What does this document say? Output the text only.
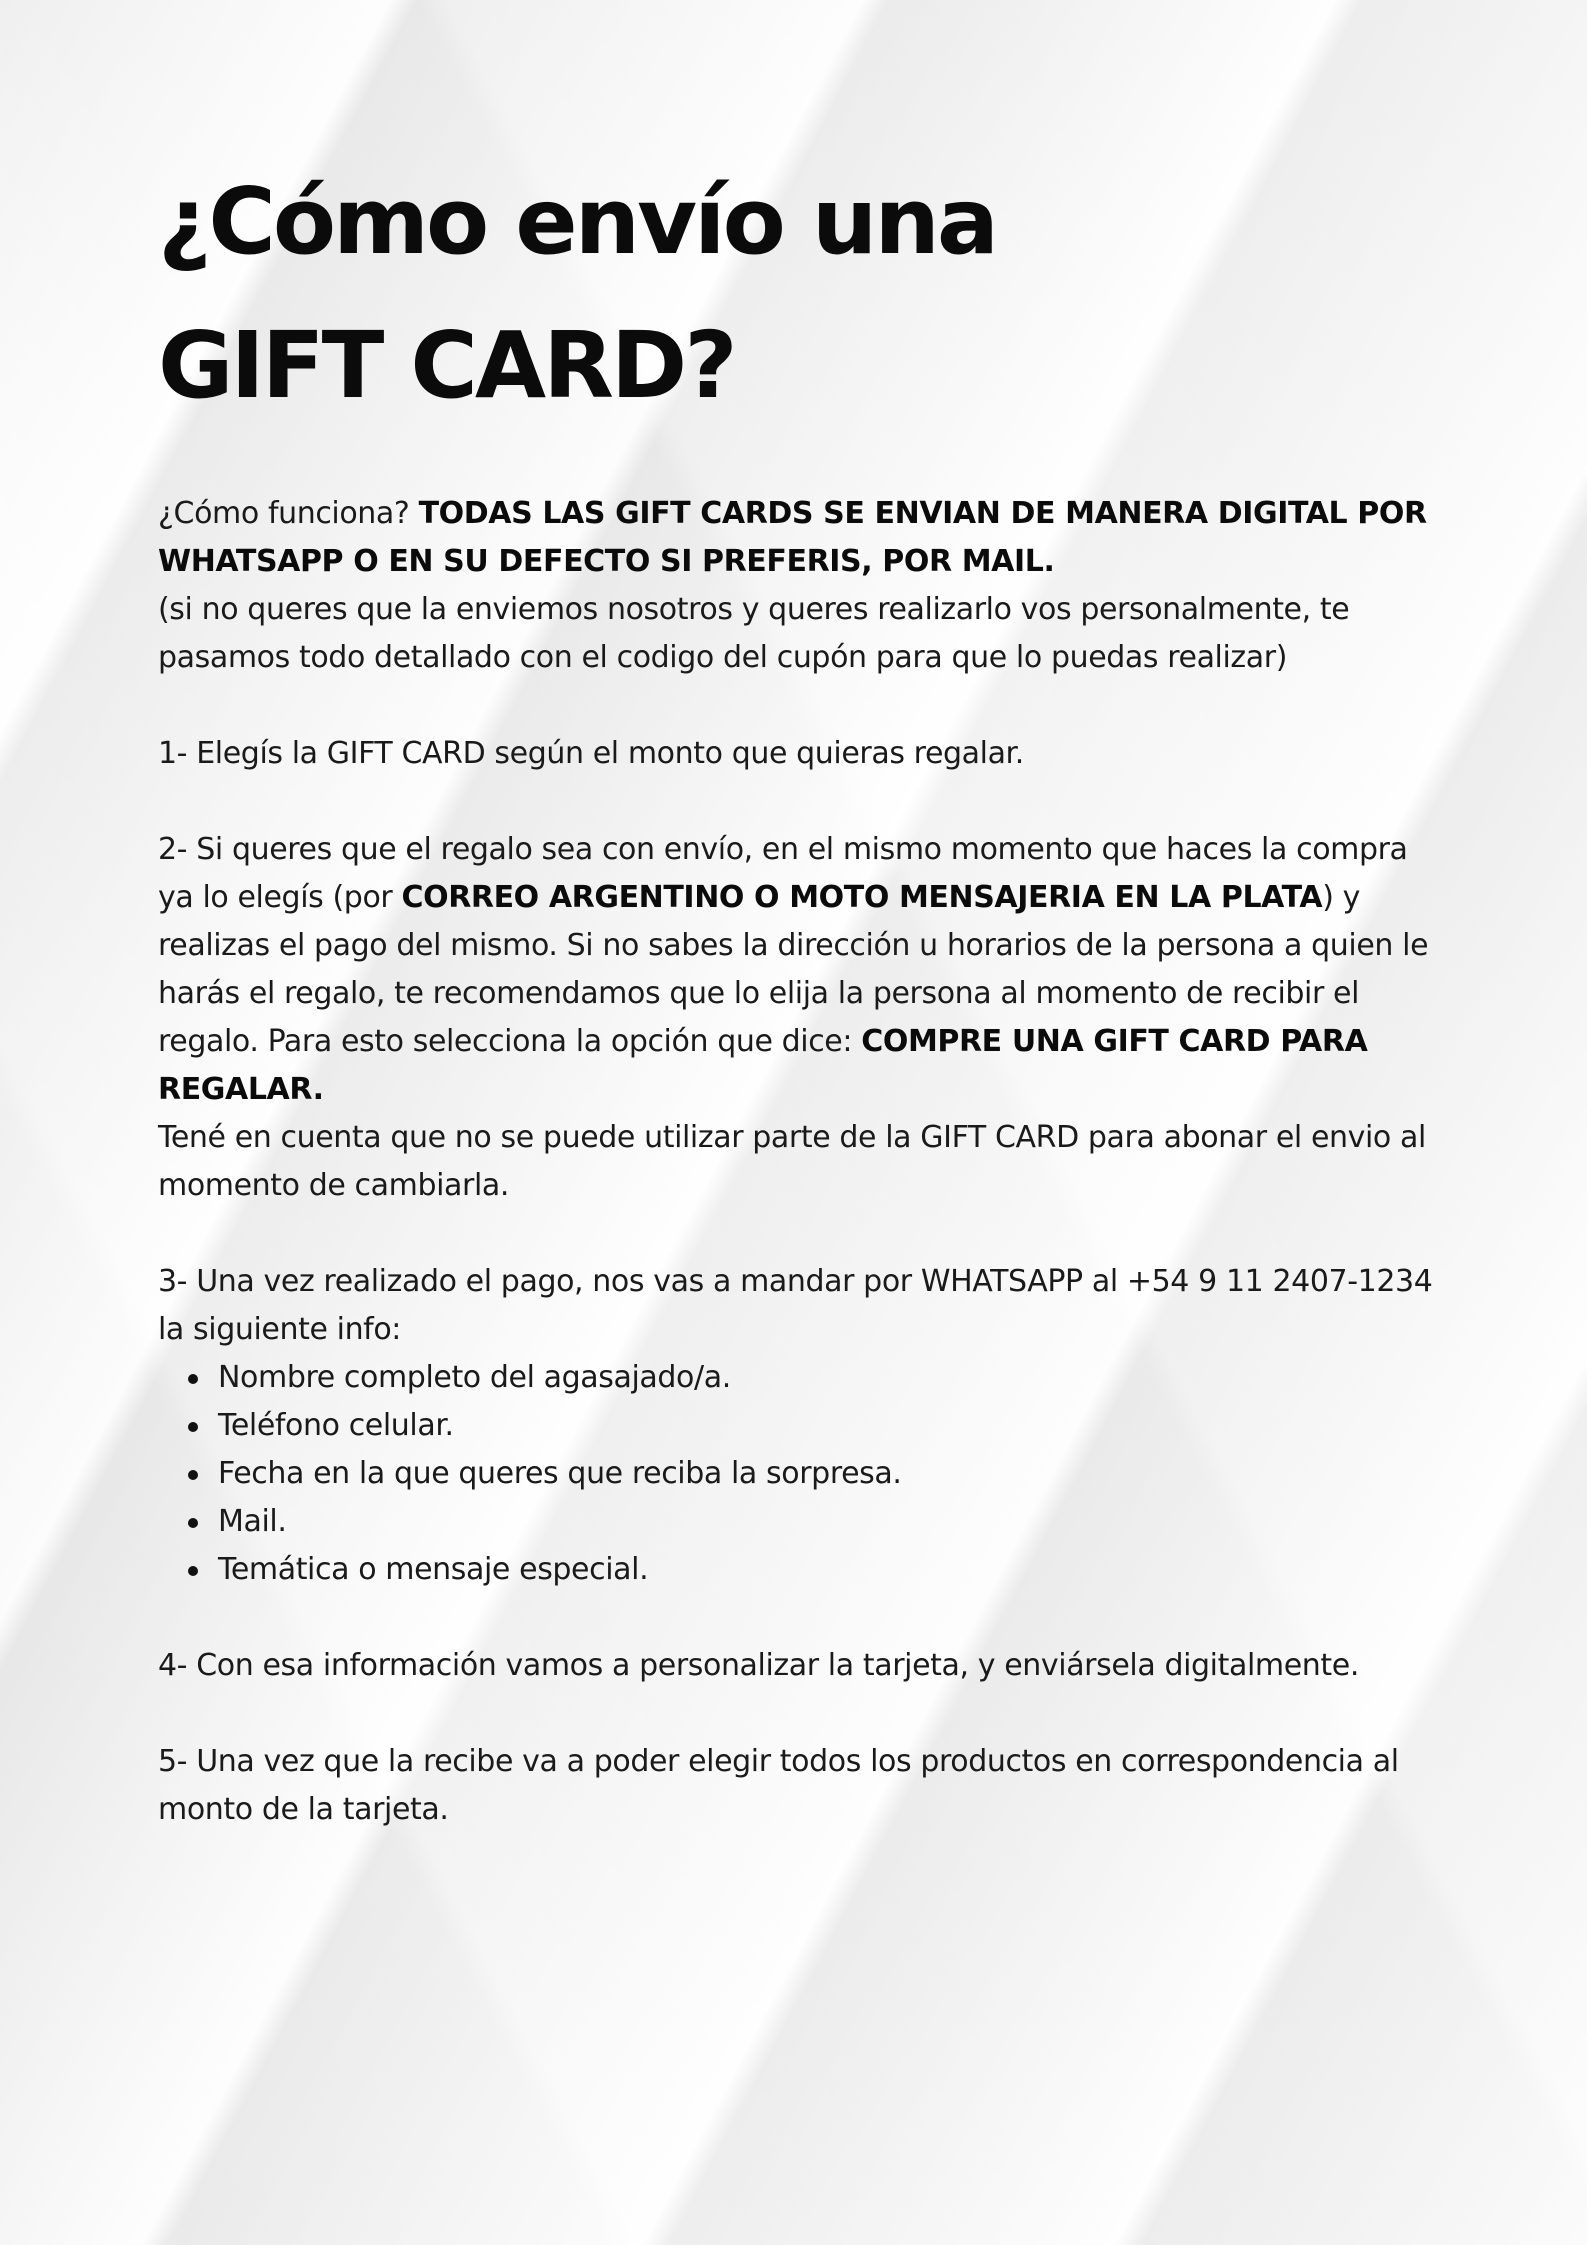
¿Cómo envío una
GIFT CARD?

¿Cómo funciona? TODAS LAS GIFT CARDS SE ENVIAN DE MANERA DIGITAL POR WHATSAPP O EN SU DEFECTO SI PREFERIS, POR MAIL.

(si no queres que la enviemos nosotros y queres realizarlo vos personalmente, te pasamos todo detallado con el codigo del cupón para que lo puedas realizar)

1- Elegís la GIFT CARD según el monto que quieras regalar.

2- Si queres que el regalo sea con envío, en el mismo momento que haces la compra ya lo elegís (por CORREO ARGENTINO O MOTO MENSAJERIA EN LA PLATA) y realizas el pago del mismo. Si no sabes la dirección u horarios de la persona a quien le harás el regalo, te recomendamos que lo elija la persona al momento de recibir el regalo. Para esto selecciona la opción que dice: COMPRE UNA GIFT CARD PARA REGALAR.

Tené en cuenta que no se puede utilizar parte de la GIFT CARD para abonar el envio al momento de cambiarla.

3- Una vez realizado el pago, nos vas a mandar por WHATSAPP al +54 9 11 2407-1234 la siguiente info:

Nombre completo del agasajado/a.
Teléfono celular.
Fecha en la que queres que reciba la sorpresa.
Mail.
Temática o mensaje especial.

4- Con esa información vamos a personalizar la tarjeta, y enviársela digitalmente.

5- Una vez que la recibe va a poder elegir todos los productos en correspondencia al monto de la tarjeta.
